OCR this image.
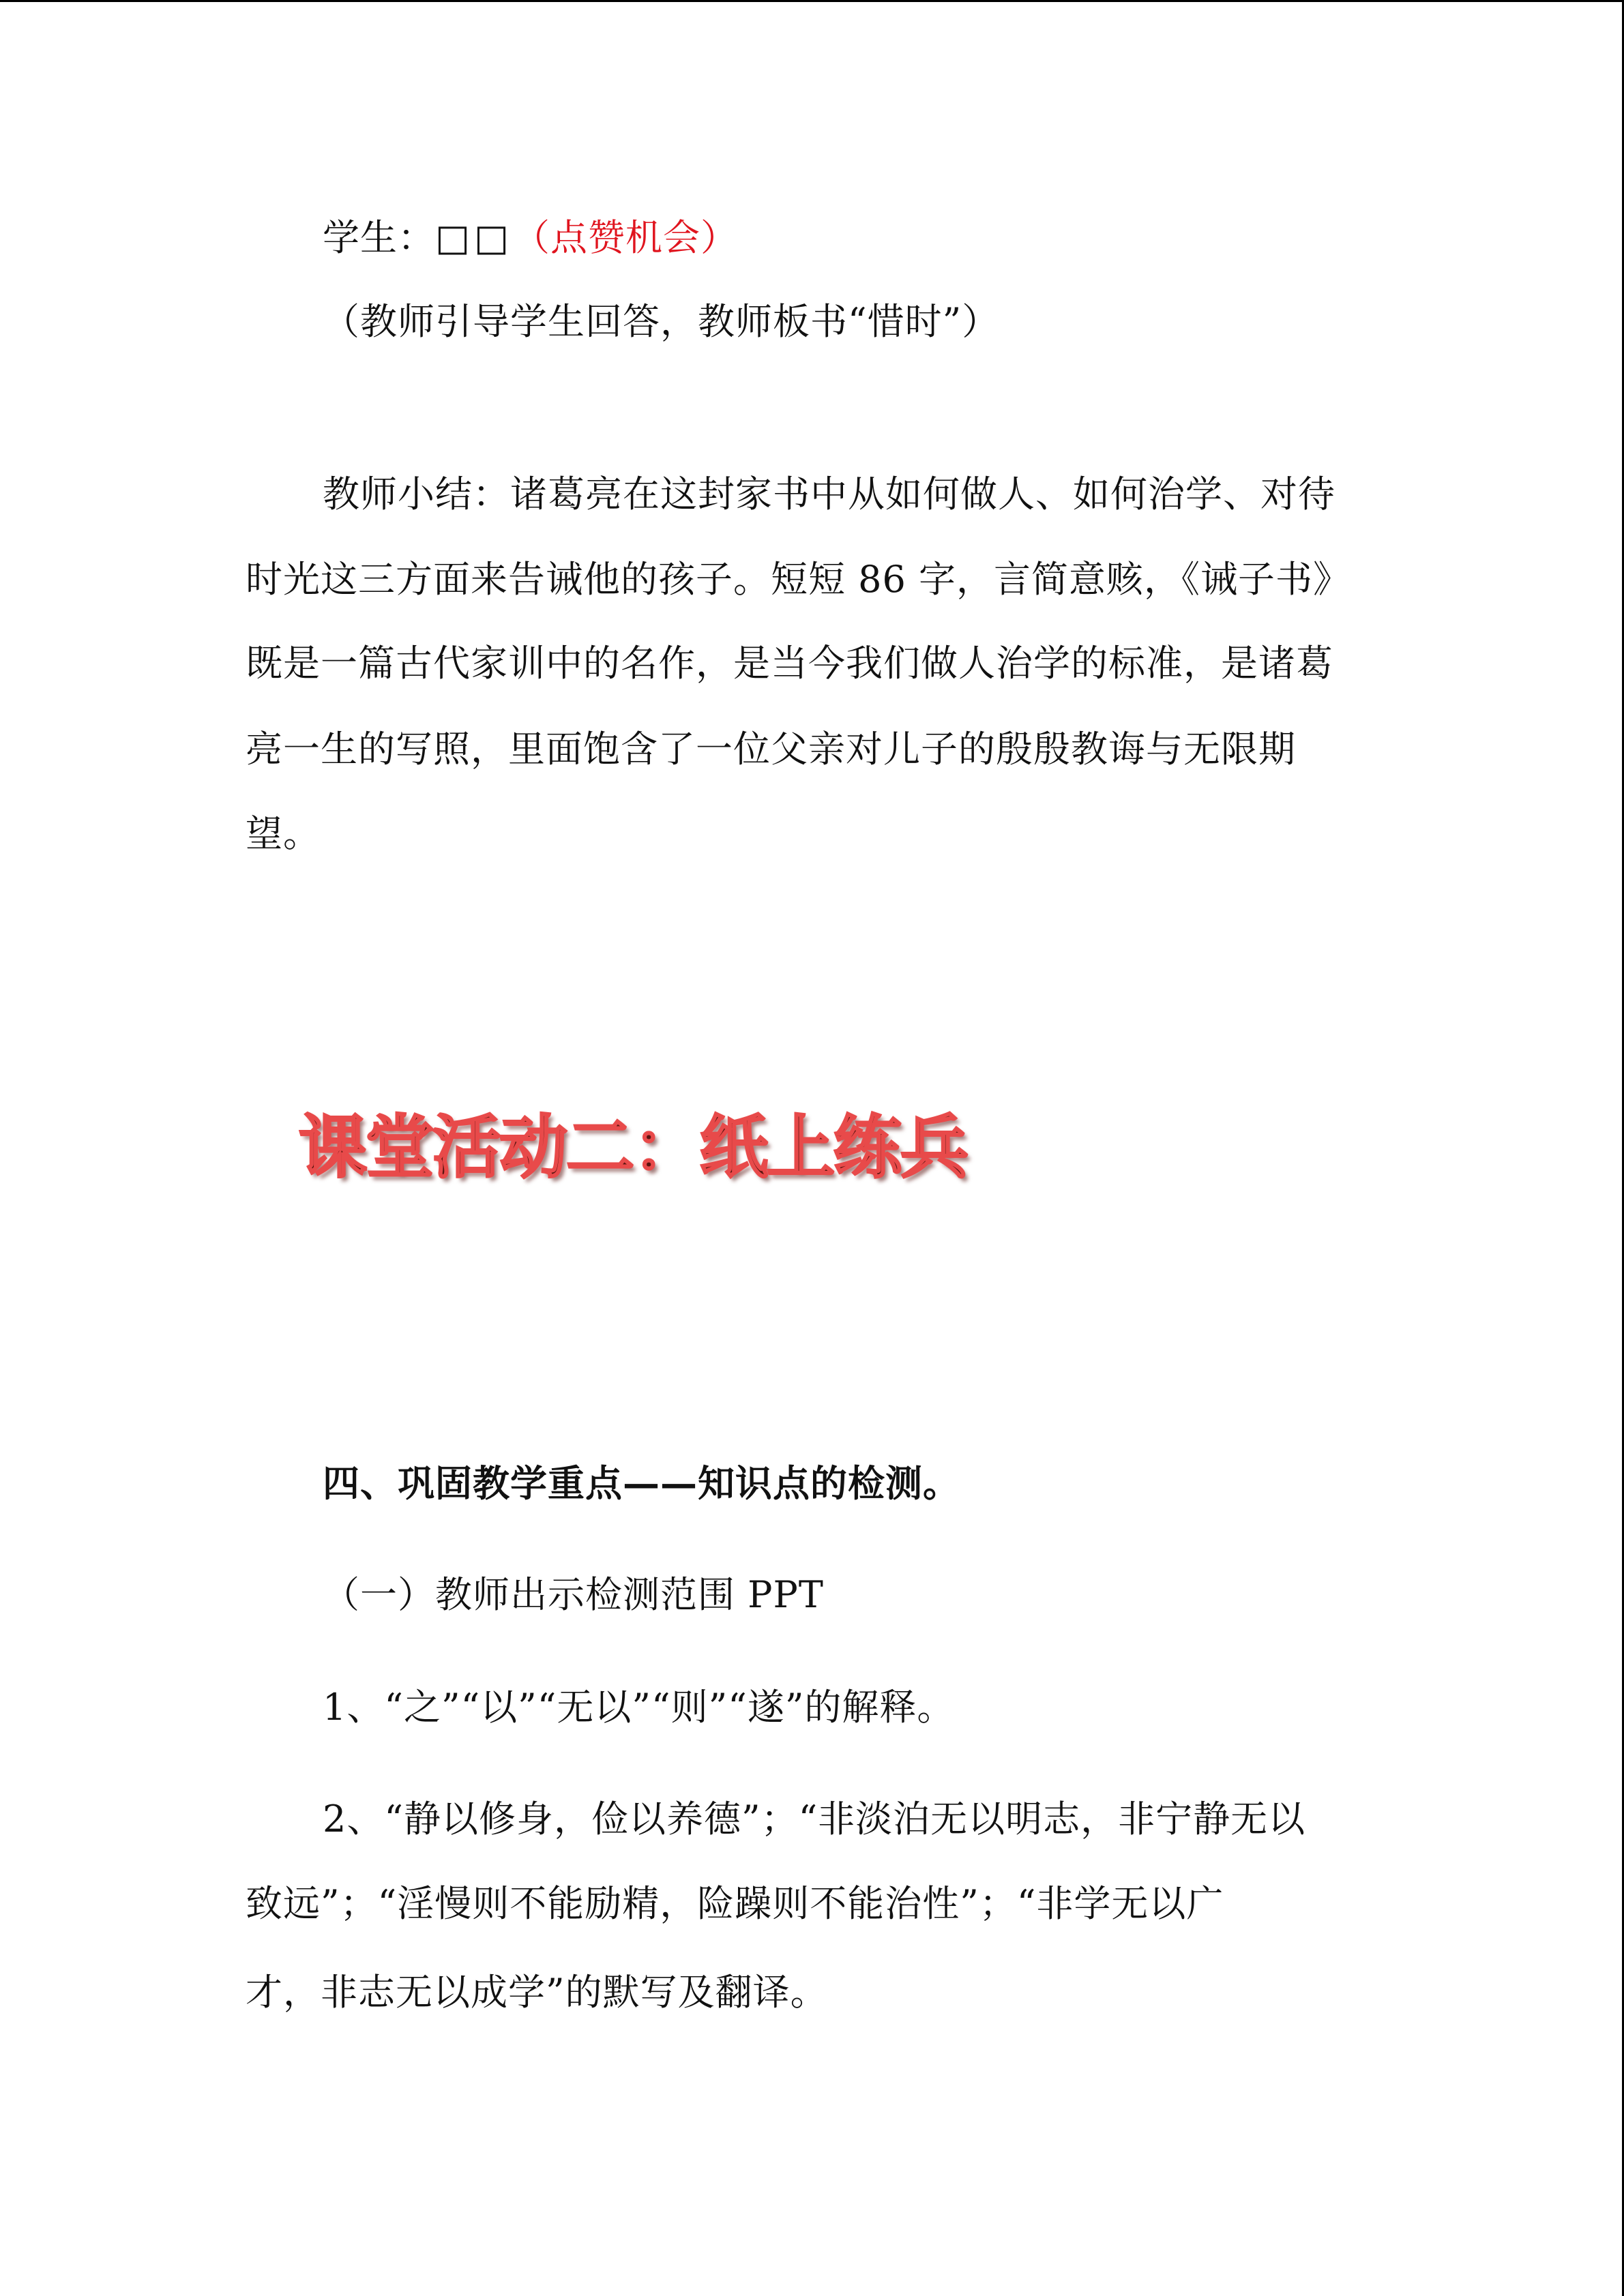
学生：□□（点赞机会）
（教师引导学生回答，教师板书“惜时”）
教师小结：诸葛亮在这封家书中从如何做人、如何治学、对待
时光这三方面来告诫他的孩子。短短 86 字，言简意赅，《诫子书》
既是一篇古代家训中的名作，是当今我们做人治学的标准，是诸葛
亮一生的写照，里面饱含了一位父亲对儿子的殷殷教诲与无限期
望。
课堂活动二：纸上练兵
四、巩固教学重点——知识点的检测。
（一）教师出示检测范围 PPT
1、“之”“以”“无以”“则”“遂”的解释。
2、“静以修身，俭以养德”；“非淡泊无以明志，非宁静无以
致远”；“淫慢则不能励精，险躁则不能治性”；“非学无以广
才，非志无以成学”的默写及翻译。
